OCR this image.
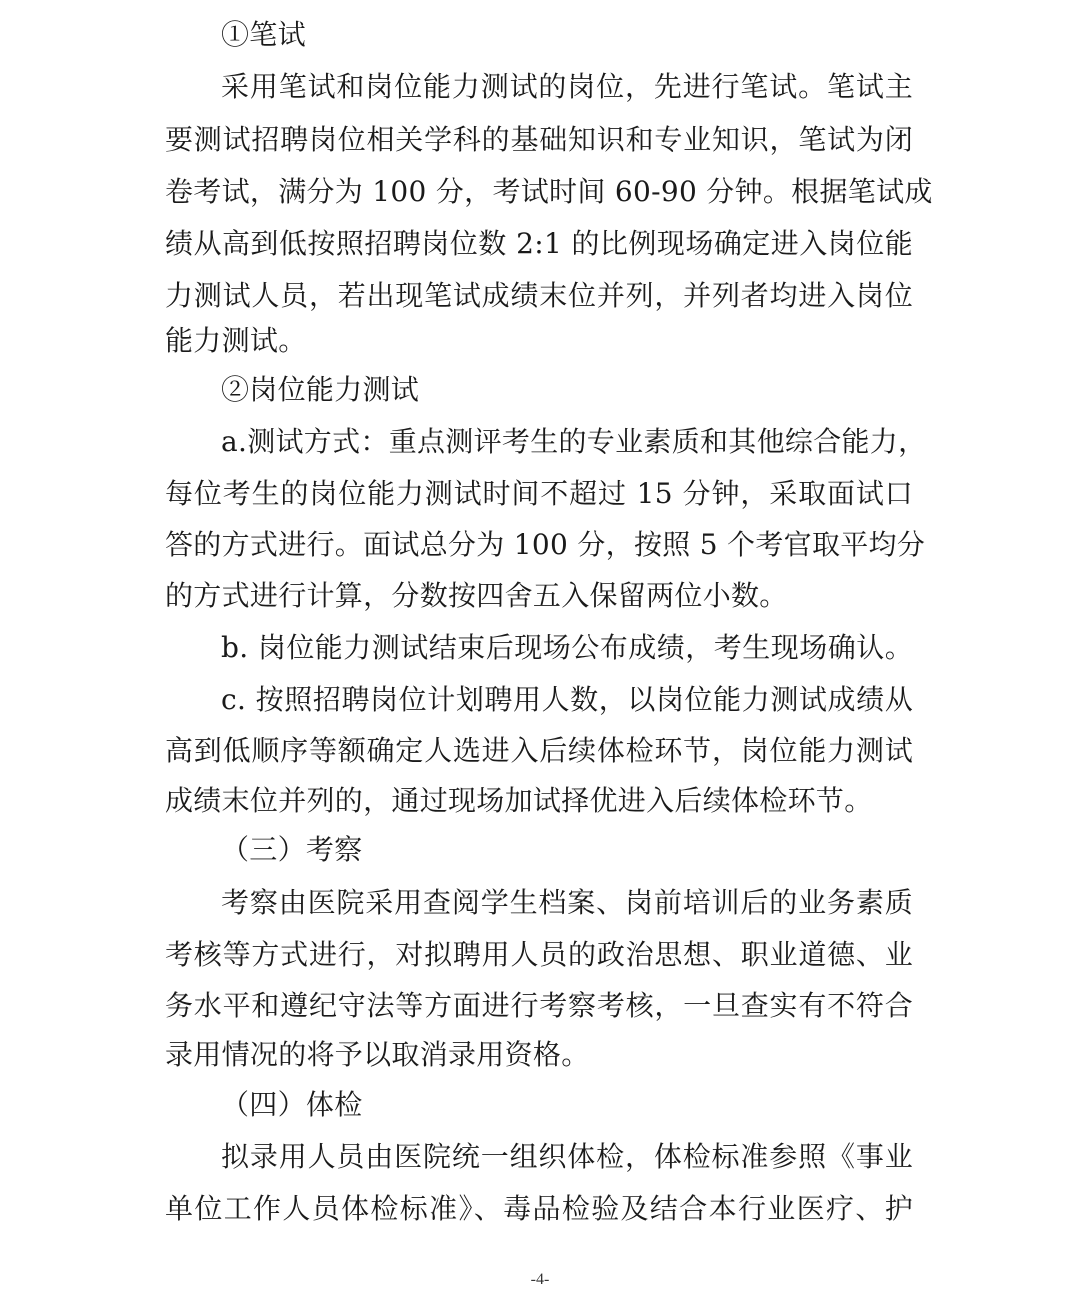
①笔试
采用笔试和岗位能力测试的岗位，先进行笔试。笔试主
要测试招聘岗位相关学科的基础知识和专业知识，笔试为闭
卷考试，满分为 100 分，考试时间 60-90 分钟。根据笔试成
绩从高到低按照招聘岗位数 2:1 的比例现场确定进入岗位能
力测试人员，若出现笔试成绩末位并列，并列者均进入岗位
能力测试。
②岗位能力测试
a.测试方式：重点测评考生的专业素质和其他综合能力，
每位考生的岗位能力测试时间不超过 15 分钟，采取面试口
答的方式进行。面试总分为 100 分，按照 5 个考官取平均分
的方式进行计算，分数按四舍五入保留两位小数。
b. 岗位能力测试结束后现场公布成绩，考生现场确认。
c. 按照招聘岗位计划聘用人数，以岗位能力测试成绩从
高到低顺序等额确定人选进入后续体检环节，岗位能力测试
成绩末位并列的，通过现场加试择优进入后续体检环节。
（三）考察
考察由医院采用查阅学生档案、岗前培训后的业务素质
考核等方式进行，对拟聘用人员的政治思想、职业道德、业
务水平和遵纪守法等方面进行考察考核，一旦查实有不符合
录用情况的将予以取消录用资格。
（四）体检
拟录用人员由医院统一组织体检，体检标准参照《事业
单位工作人员体检标准》、毒品检验及结合本行业医疗、护
-4-
